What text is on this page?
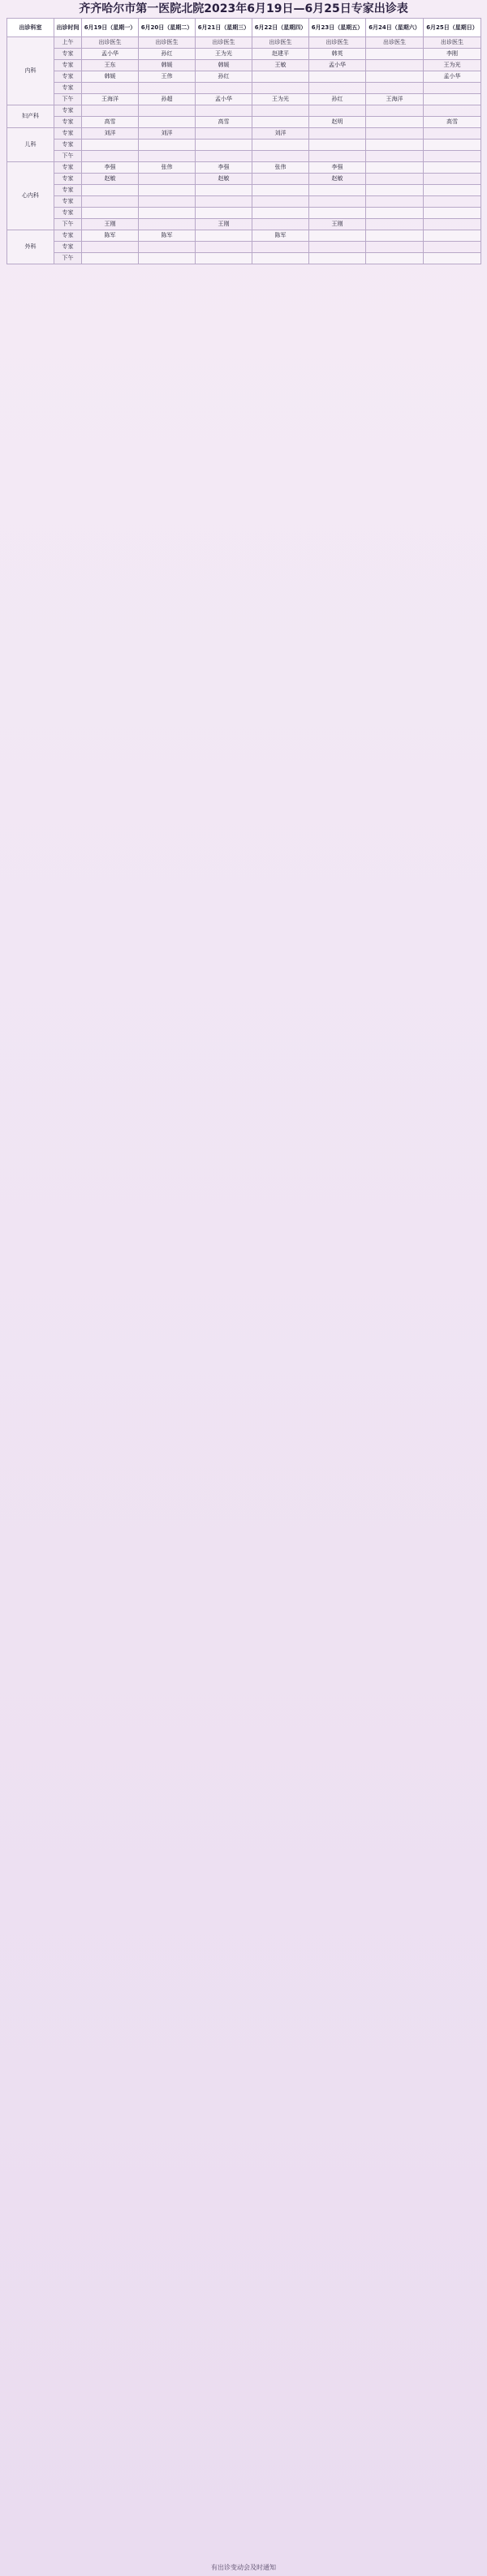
齐齐哈尔市第一医院北院2023年6月19日—6月25日专家出诊表
出诊科室	出诊时间	6月19日（星期一）	6月20日（星期二）	6月21日（星期三）	6月22日（星期四）	6月23日（星期五）	6月24日（星期六）	6月25日（星期日）
内科	上午	出诊医生	出诊医生	出诊医生	出诊医生	出诊医生	出诊医生	出诊医生
	专家	孟小华	孙红	王为光	赵建平	韩英		李刚
	专家	王东	韩媛	韩媛	王敏	孟小华		王为光
	专家	韩媛	王伟	孙红				孟小华
	专家							
	下午	王海洋	孙超	孟小华	王为光	孙红	王海洋	
妇产科	专家							
	专家	高雪		高雪		赵明		高雪
儿科	专家	刘洋	刘洋		刘洋			
	专家							
	下午							
心内科	专家	李强	张伟	李强	张伟	李强		
	专家	赵敏		赵敏		赵敏		
	专家							
	专家							
	专家							
	下午	王刚		王刚		王刚		
外科	专家	陈军	陈军		陈军			
	专家							
	下午							
有出诊变动会及时通知
